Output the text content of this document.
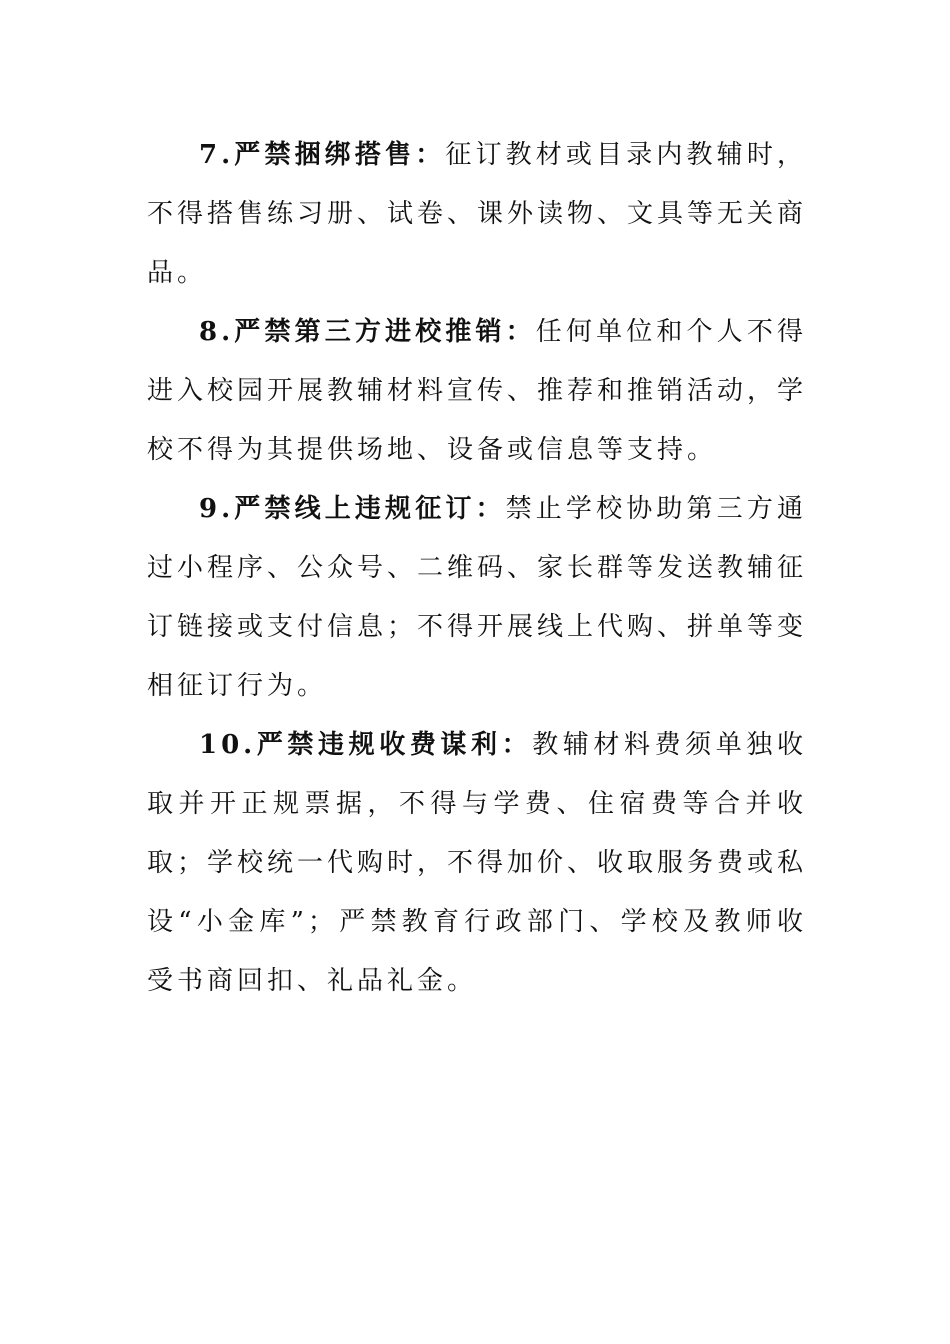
7.严禁捆绑搭售：征订教材或目录内教辅时，不得搭售练习册、试卷、课外读物、文具等无关商品。

8.严禁第三方进校推销：任何单位和个人不得进入校园开展教辅材料宣传、推荐和推销活动，学校不得为其提供场地、设备或信息等支持。

9.严禁线上违规征订：禁止学校协助第三方通过小程序、公众号、二维码、家长群等发送教辅征订链接或支付信息；不得开展线上代购、拼单等变相征订行为。

10.严禁违规收费谋利：教辅材料费须单独收取并开正规票据，不得与学费、住宿费等合并收取；学校统一代购时，不得加价、收取服务费或私设“小金库”；严禁教育行政部门、学校及教师收受书商回扣、礼品礼金。
